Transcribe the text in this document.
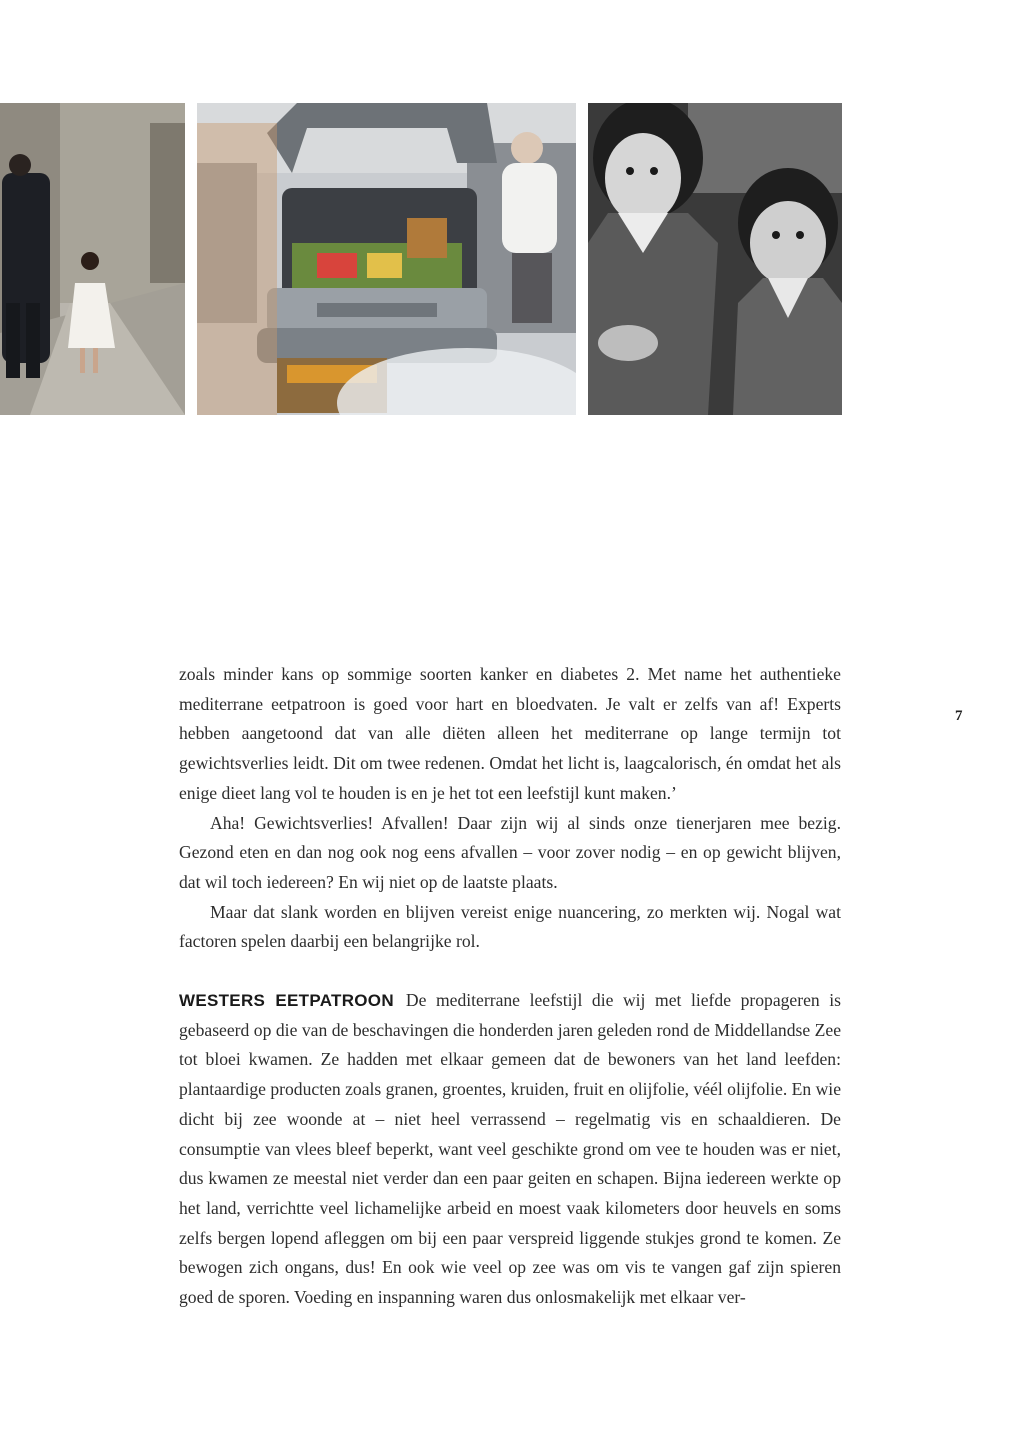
7

zoals minder kans op sommige soorten kanker en diabetes 2. Met name het authentieke mediterrane eetpatroon is goed voor hart en bloedvaten. Je valt er zelfs van af! Experts hebben aangetoond dat van alle diëten alleen het mediterrane op lange termijn tot gewichtsverlies leidt. Dit om twee redenen. Omdat het licht is, laagcalorisch, én omdat het als enige dieet lang vol te houden is en je het tot een leefstijl kunt maken.’

Aha! Gewichtsverlies! Afvallen! Daar zijn wij al sinds onze tienerjaren mee bezig. Gezond eten en dan nog ook nog eens afvallen – voor zover nodig – en op gewicht blijven, dat wil toch iedereen? En wij niet op de laatste plaats.

Maar dat slank worden en blijven vereist enige nuancering, zo merkten wij. Nogal wat factoren spelen daarbij een belangrijke rol.

WESTERS EETPATROON De mediterrane leefstijl die wij met liefde propageren is gebaseerd op die van de beschavingen die honderden jaren geleden rond de Middellandse Zee tot bloei kwamen. Ze hadden met elkaar gemeen dat de bewoners van het land leefden: plantaardige producten zoals granen, groentes, kruiden, fruit en olijfolie, véél olijfolie. En wie dicht bij zee woonde at – niet heel verrassend – regelmatig vis en schaaldieren. De consumptie van vlees bleef beperkt, want veel geschikte grond om vee te houden was er niet, dus kwamen ze meestal niet verder dan een paar geiten en schapen. Bijna iedereen werkte op het land, verrichtte veel lichamelijke arbeid en moest vaak kilometers door heuvels en soms zelfs bergen lopend afleggen om bij een paar verspreid liggende stukjes grond te komen. Ze bewogen zich ongans, dus! En ook wie veel op zee was om vis te vangen gaf zijn spieren goed de sporen. Voeding en inspanning waren dus onlosmakelijk met elkaar ver-
